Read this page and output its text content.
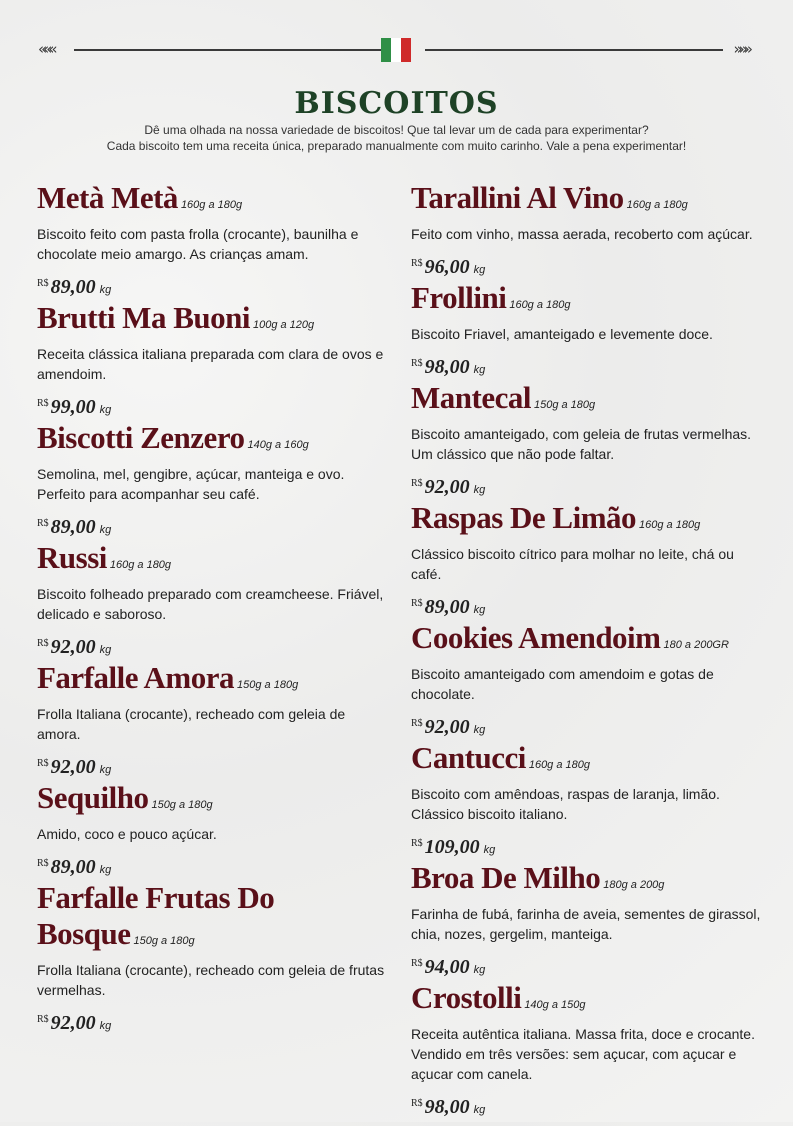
«««	»»»
BISCOITOS
Dê uma olhada na nossa variedade de biscoitos! Que tal levar um de cada para experimentar?
Cada biscoito tem uma receita única, preparado manualmente com muito carinho. Vale a pena experimentar!
Metà Metà 160g a 180g
Biscoito feito com pasta frolla (crocante), baunilha e chocolate meio amargo. As crianças amam.
$^{R\$}$ 89,00 kg
Brutti Ma Buoni 100g a 120g
Receita clássica italiana preparada com clara de ovos e amendoim.
$^{R\$}$ 99,00 kg
Biscotti Zenzero 140g a 160g
Semolina, mel, gengibre, açúcar, manteiga e ovo. Perfeito para acompanhar seu café.
$^{R\$}$ 89,00 kg
Russi 160g a 180g
Biscoito folheado preparado com creamcheese. Friável, delicado e saboroso.
$^{R\$}$ 92,00 kg
Farfalle Amora 150g a 180g
Frolla Italiana (crocante), recheado com geleia de amora.
$^{R\$}$ 92,00 kg
Sequilho 150g a 180g
Amido, coco e pouco açúcar.
$^{R\$}$ 89,00 kg
Farfalle Frutas Do Bosque 150g a 180g
Frolla Italiana (crocante), recheado com geleia de frutas vermelhas.
$^{R\$}$ 92,00 kg
Tarallini Al Vino 160g a 180g
Feito com vinho, massa aerada, recoberto com açúcar.
$^{R\$}$ 96,00 kg
Frollini 160g a 180g
Biscoito Friavel, amanteigado e levemente doce.
$^{R\$}$ 98,00 kg
Mantecal 150g a 180g
Biscoito amanteigado, com geleia de frutas vermelhas. Um clássico que não pode faltar.
$^{R\$}$ 92,00 kg
Raspas De Limão 160g a 180g
Clássico biscoito cítrico para molhar no leite, chá ou café.
$^{R\$}$ 89,00 kg
Cookies Amendoim 180 a 200GR
Biscoito amanteigado com amendoim e gotas de chocolate.
$^{R\$}$ 92,00 kg
Cantucci 160g a 180g
Biscoito com amêndoas, raspas de laranja, limão. Clássico biscoito italiano.
$^{R\$}$ 109,00 kg
Broa De Milho 180g a 200g
Farinha de fubá, farinha de aveia, sementes de girassol, chia, nozes, gergelim, manteiga.
$^{R\$}$ 94,00 kg
Crostolli 140g a 150g
Receita autêntica italiana. Massa frita, doce e crocante. Vendido em três versões: sem açucar, com açucar e açucar com canela.
$^{R\$}$ 98,00 kg
